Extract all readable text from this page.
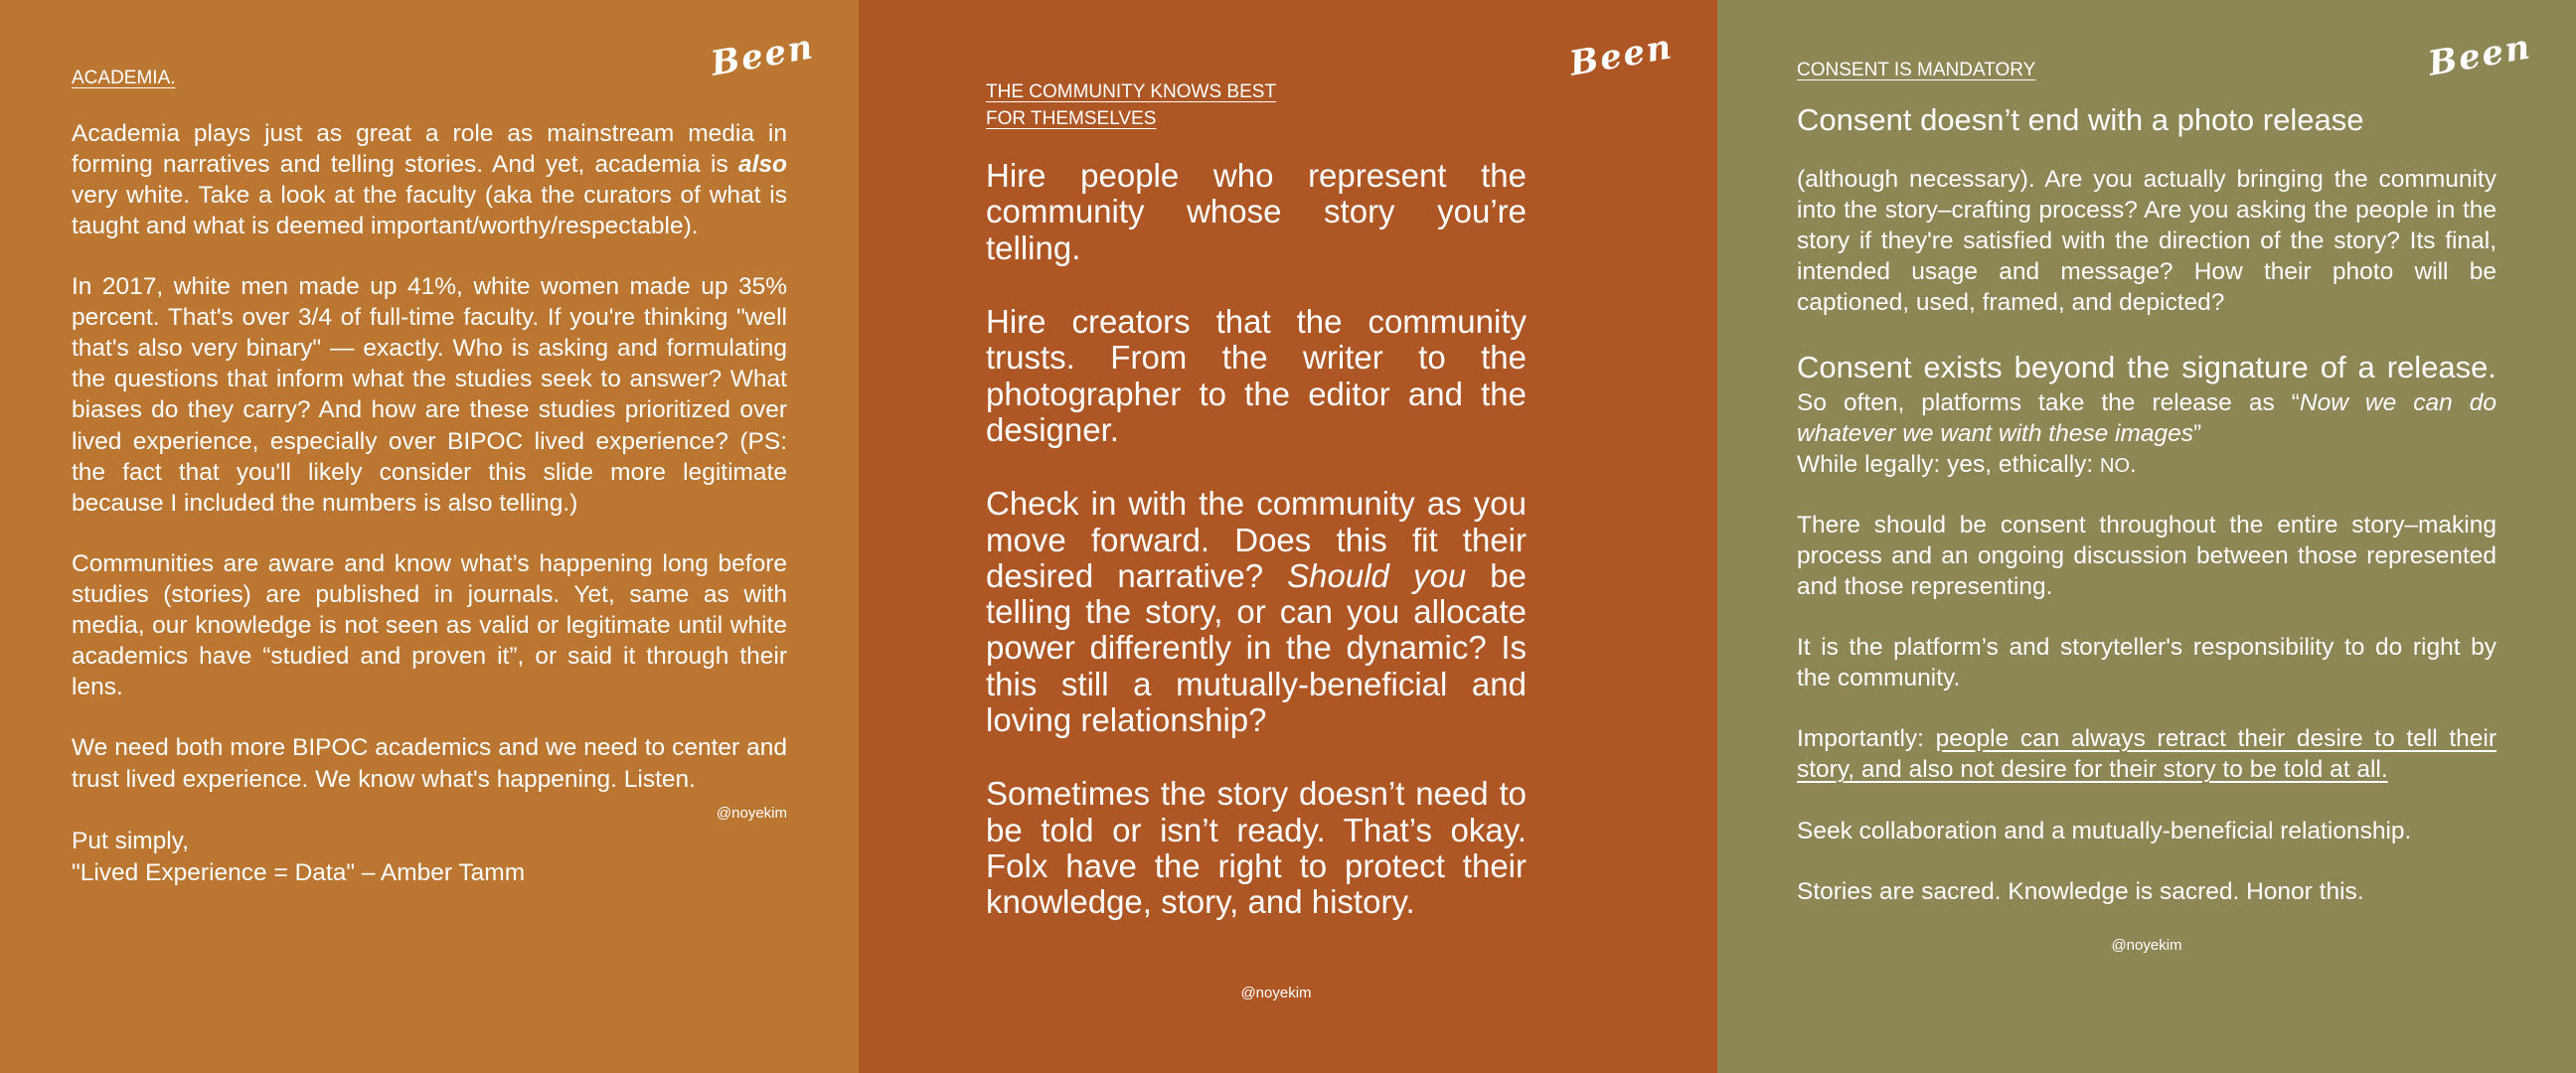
Been

ACADEMIA.

Academia plays just as great a role as mainstream media in forming narratives and telling stories. And yet, academia is also very white. Take a look at the faculty (aka the curators of what is taught and what is deemed important/worthy/respectable).

In 2017, white men made up 41%, white women made up 35% percent. That's over 3/4 of full-time faculty. If you're thinking "well that's also very binary" — exactly. Who is asking and formulating the questions that inform what the studies seek to answer? What biases do they carry? And how are these studies prioritized over lived experience, especially over BIPOC lived experience? (PS: the fact that you'll likely consider this slide more legitimate because I included the numbers is also telling.)

Communities are aware and know what’s happening long before studies (stories) are published in journals. Yet, same as with media, our knowledge is not seen as valid or legitimate until white academics have “studied and proven it”, or said it through their lens.

We need both more BIPOC academics and we need to center and trust lived experience. We know what's happening. Listen.

@noyekim
Put simply,
"Lived Experience = Data" – Amber Tamm
Been

THE COMMUNITY KNOWS BEST
FOR THEMSELVES

Hire people who represent the community whose story you’re telling.

Hire creators that the community trusts. From the writer to the photographer to the editor and the designer.

Check in with the community as you move forward. Does this fit their desired narrative? Should you be telling the story, or can you allocate power differently in the dynamic? Is this still a mutually-beneficial and loving relationship?

Sometimes the story doesn’t need to be told or isn’t ready. That’s okay. Folx have the right to protect their knowledge, story, and history.

@noyekim
Been

CONSENT IS MANDATORY

Consent doesn’t end with a photo release

(although necessary). Are you actually bringing the community into the story–crafting process? Are you asking the people in the story if they're satisfied with the direction of the story? Its final, intended usage and message? How their photo will be captioned, used, framed, and depicted?

Consent exists beyond the signature of a release. So often, platforms take the release as “Now we can do whatever we want with these images”
While legally: yes, ethically: NO.

There should be consent throughout the entire story–making process and an ongoing discussion between those represented and those representing.

It is the platform’s and storyteller's responsibility to do right by the community.

Importantly: people can always retract their desire to tell their story, and also not desire for their story to be told at all.

Seek collaboration and a mutually-beneficial relationship.

Stories are sacred. Knowledge is sacred. Honor this.

@noyekim
